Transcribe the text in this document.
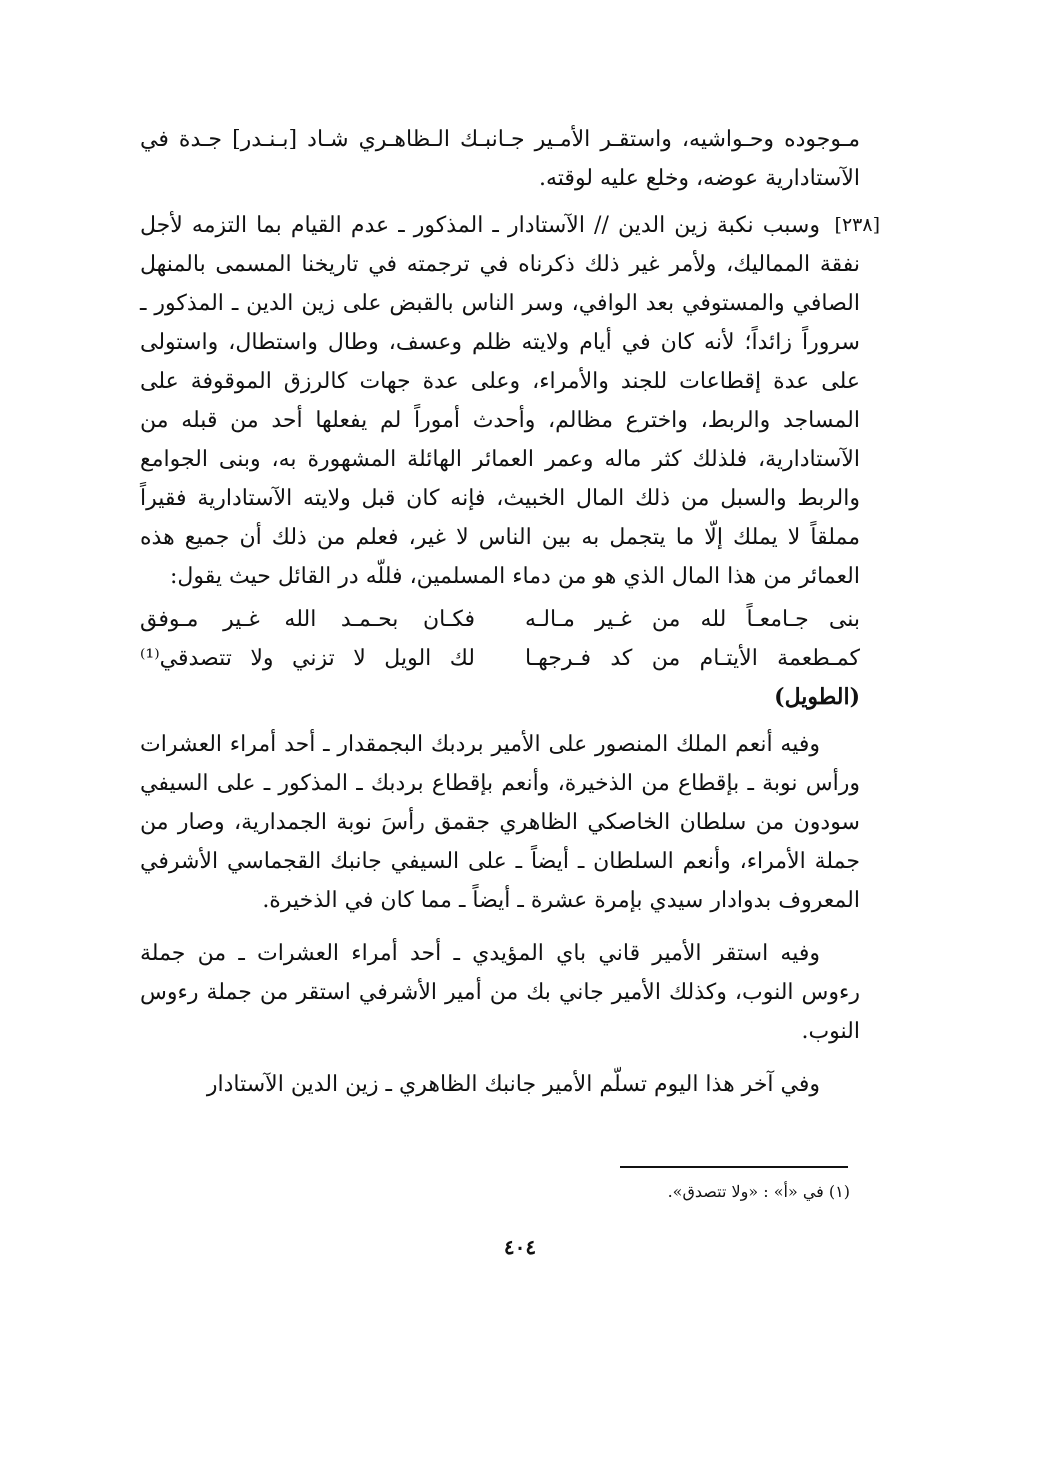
مـوجوده وحـواشيه، واستقـر الأمـير جـانبـك الـظاهـري شـاد [بـنـدر] جـدة في الآستادارية عوضه، وخلع عليه لوقته.

[٢٣٨]
وسبب نكبة زين الدين // الآستادار ـ المذكور ـ عدم القيام بما التزمه لأجل نفقة المماليك، ولأمر غير ذلك ذكرناه في ترجمته في تاريخنا المسمى بالمنهل الصافي والمستوفي بعد الوافي، وسر الناس بالقبض على زين الدين ـ المذكور ـ سروراً زائداً؛ لأنه كان في أيام ولايته ظلم وعسف، وطال واستطال، واستولى على عدة إقطاعات للجند والأمراء، وعلى عدة جهات كالرزق الموقوفة على المساجد والربط، واخترع مظالم، وأحدث أموراً لم يفعلها أحد من قبله من الآستادارية، فلذلك كثر ماله وعمر العمائر الهائلة المشهورة به، وبنى الجوامع والربط والسبل من ذلك المال الخبيث، فإنه كان قبل ولايته الآستادارية فقيراً مملقاً لا يملك إلّا ما يتجمل به بين الناس لا غير، فعلم من ذلك أن جميع هذه العمائر من هذا المال الذي هو من دماء المسلمين، فللّه در القائل حيث يقول:

بنى جـامعـاً لله من غـير مـالـه
فكـان بحـمـد الله غـير مـوفق
كمـطعمة الأيتـام من كد فـرجهـا
لك الويل لا تزني ولا تتصدقي⁽¹⁾
(الطويل)

وفيه أنعم الملك المنصور على الأمير بردبك البجمقدار ـ أحد أمراء العشرات ورأس نوبة ـ بإقطاع من الذخيرة، وأنعم بإقطاع بردبك ـ المذكور ـ على السيفي سودون من سلطان الخاصكي الظاهري جقمق رأسَ نوبة الجمدارية، وصار من جملة الأمراء، وأنعم السلطان ـ أيضاً ـ على السيفي جانبك القجماسي الأشرفي المعروف بدوادار سيدي بإمرة عشرة ـ أيضاً ـ مما كان في الذخيرة.

وفيه استقر الأمير قاني باي المؤيدي ـ أحد أمراء العشرات ـ من جملة رءوس النوب، وكذلك الأمير جاني بك من أمير الأشرفي استقر من جملة رءوس النوب.

وفي آخر هذا اليوم تسلّم الأمير جانبك الظاهري ـ زين الدين الآستادار

(١) في «أ» : «ولا تتصدق».
٤٠٤
